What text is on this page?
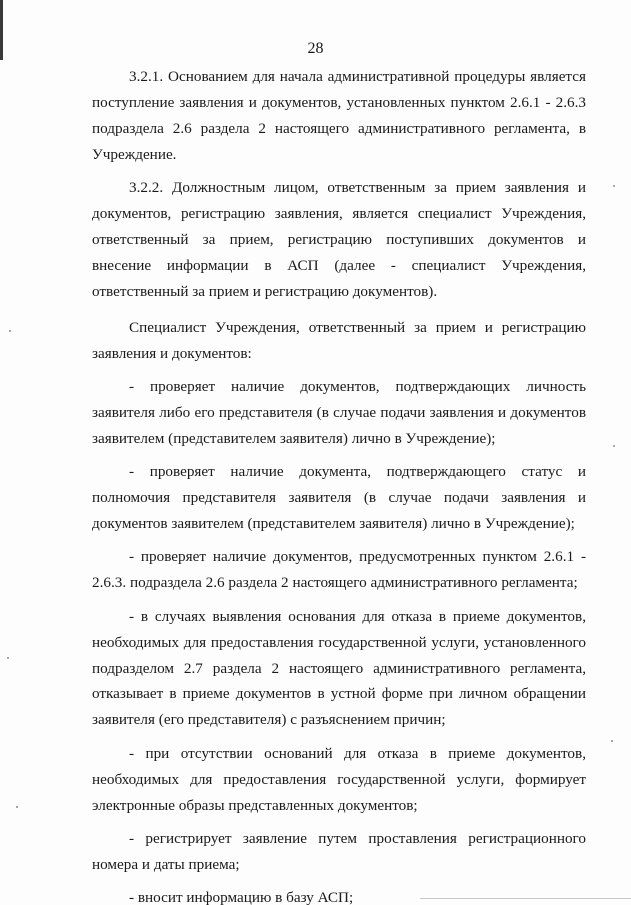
28

3.2.1. Основанием для начала административной процедуры является поступление заявления и документов, установленных пунктом 2.6.1 - 2.6.3 подраздела 2.6 раздела 2 настоящего административного регламента, в Учреждение.

3.2.2. Должностным лицом, ответственным за прием заявления и документов, регистрацию заявления, является специалист Учреждения, ответственный за прием, регистрацию поступивших документов и внесение информации в АСП (далее - специалист Учреждения, ответственный за прием и регистрацию документов).

Специалист Учреждения, ответственный за прием и регистрацию заявления и документов:

- проверяет наличие документов, подтверждающих личность заявителя либо его представителя (в случае подачи заявления и документов заявителем (представителем заявителя) лично в Учреждение);

- проверяет наличие документа, подтверждающего статус и полномочия представителя заявителя (в случае подачи заявления и документов заявителем (представителем заявителя) лично в Учреждение);

- проверяет наличие документов, предусмотренных пунктом 2.6.1 - 2.6.3. подраздела 2.6 раздела 2 настоящего административного регламента;

- в случаях выявления основания для отказа в приеме документов, необходимых для предоставления государственной услуги, установленного подразделом 2.7 раздела 2 настоящего административного регламента, отказывает в приеме документов в устной форме при личном обращении заявителя (его представителя) с разъяснением причин;

- при отсутствии оснований для отказа в приеме документов, необходимых для предоставления государственной услуги, формирует электронные образы представленных документов;

- регистрирует заявление путем проставления регистрационного номера и даты приема;

- вносит информацию в базу АСП;
